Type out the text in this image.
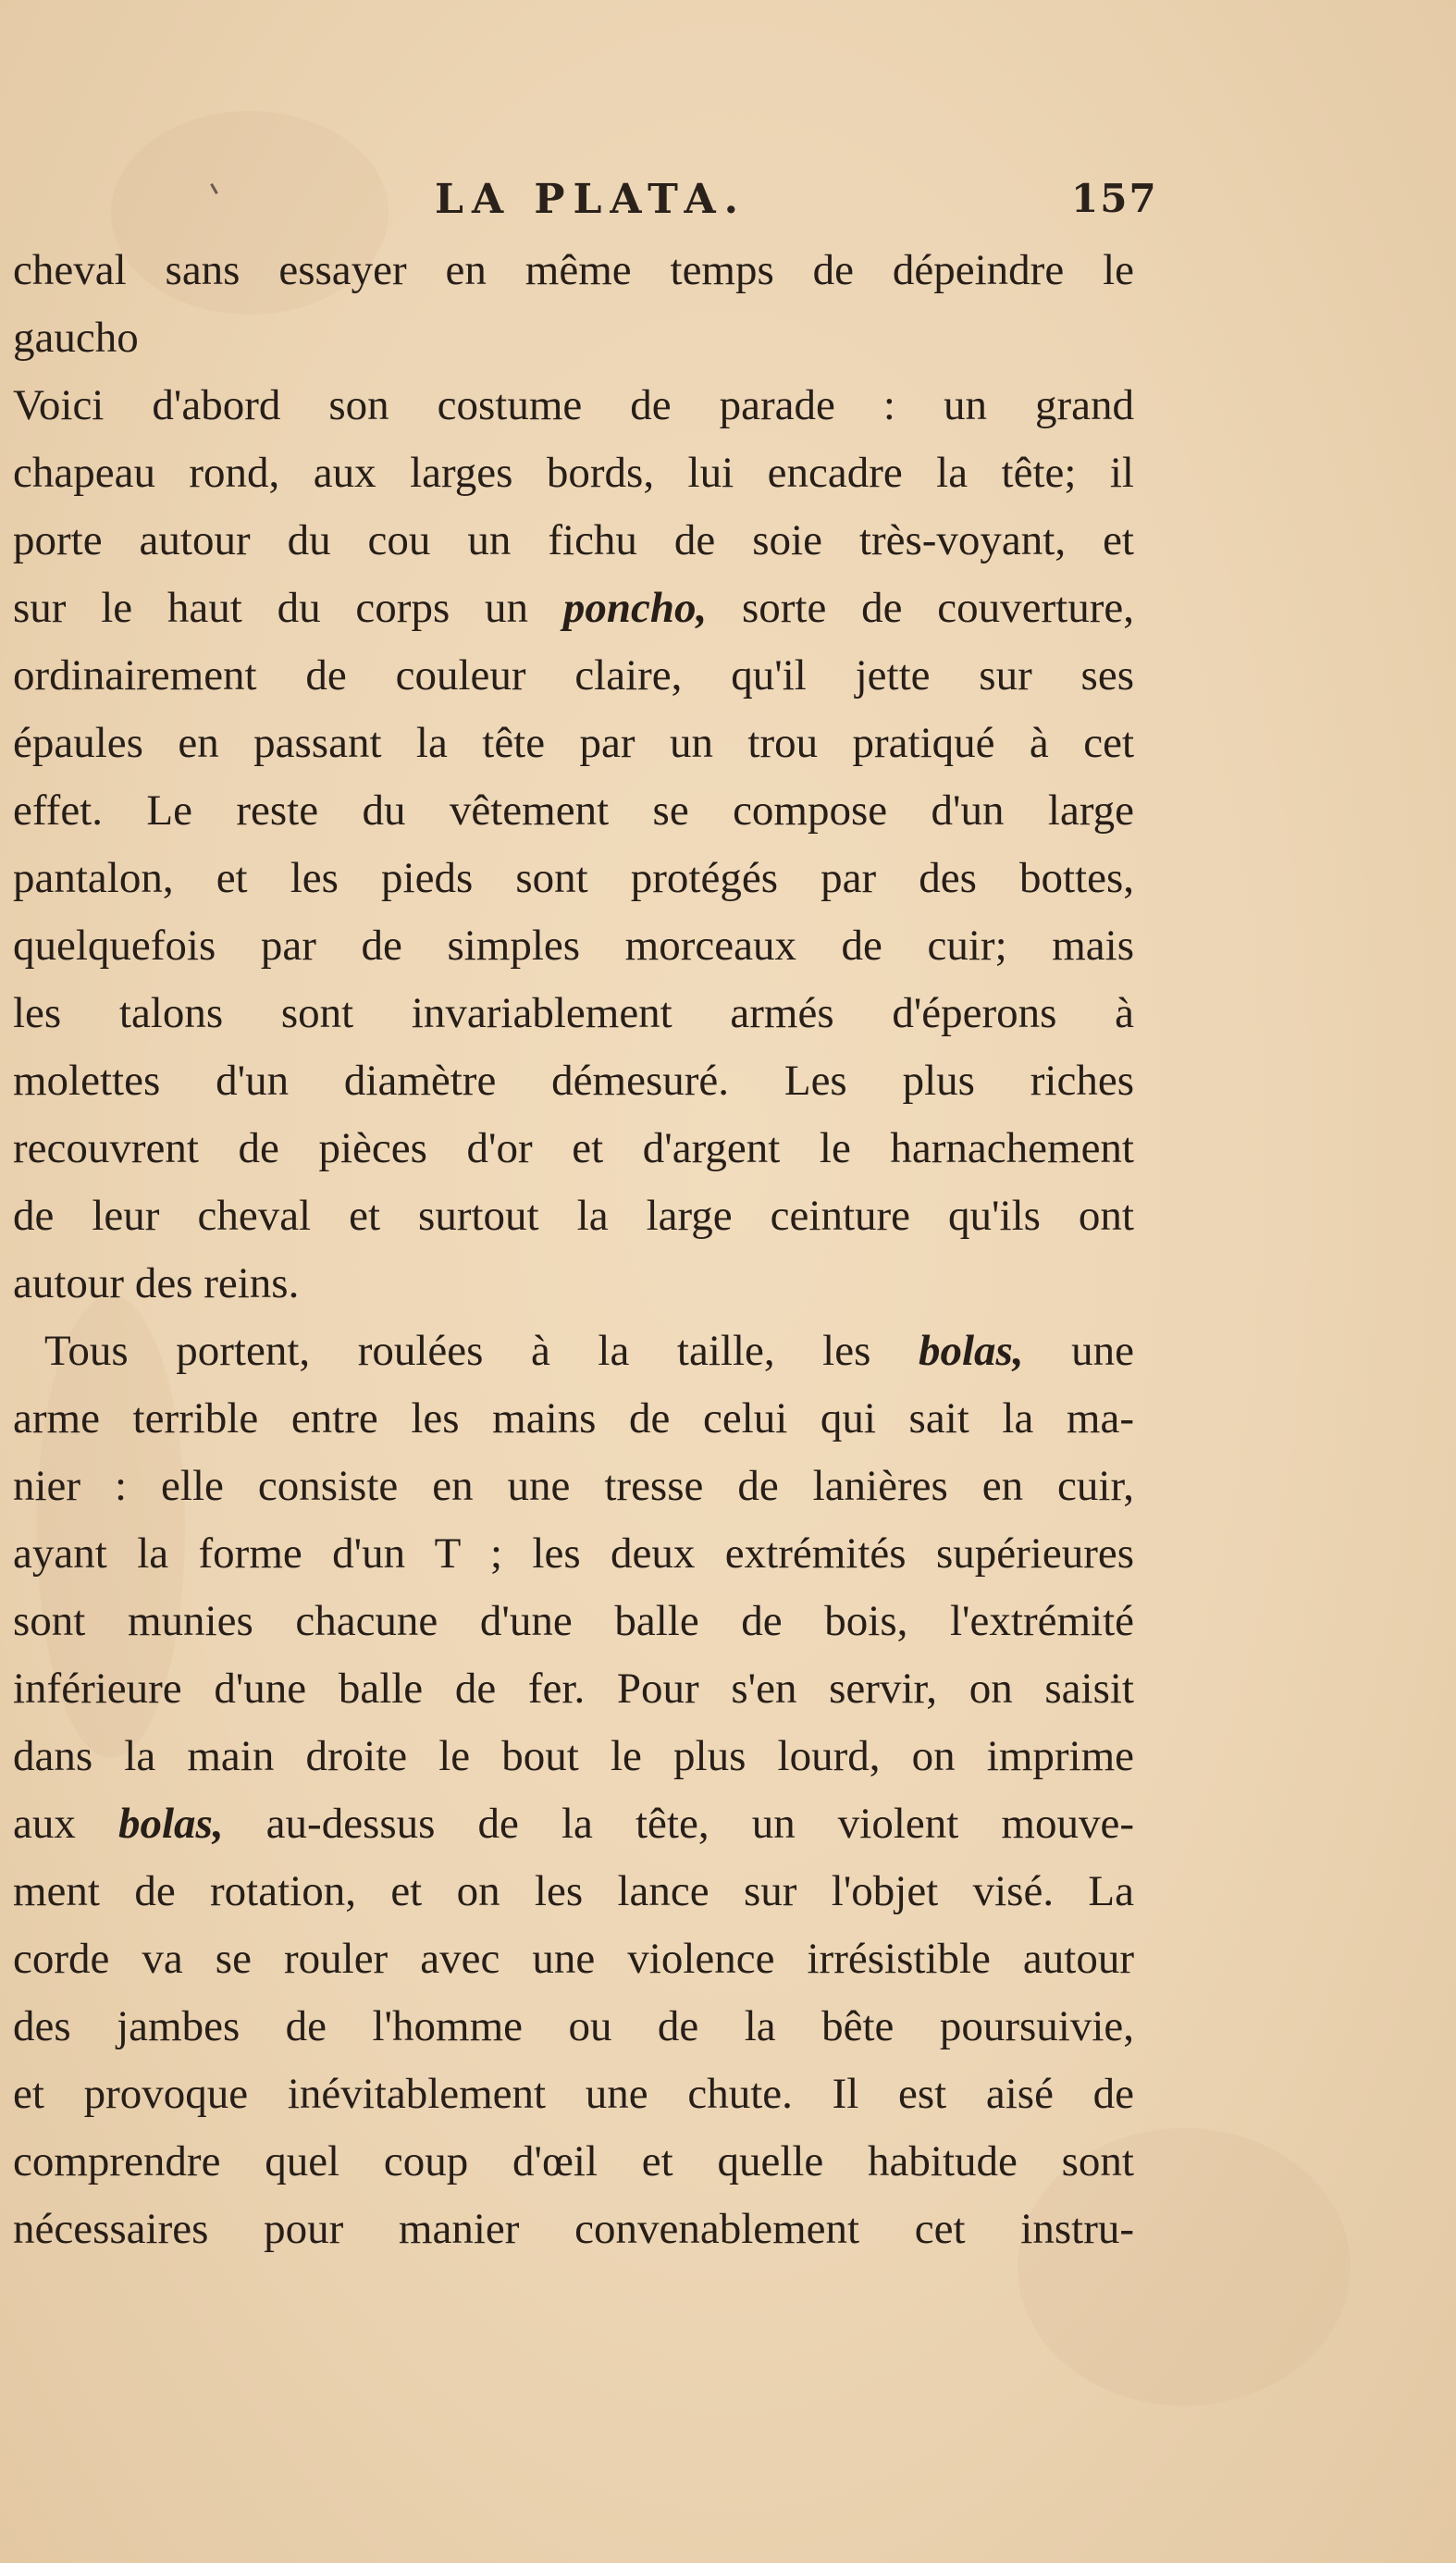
LA PLATA.	157
cheval sans essayer en même temps de dépeindre le
gaucho
Voici d'abord son costume de parade : un grand
chapeau rond, aux larges bords, lui encadre la tête; il
porte autour du cou un fichu de soie très-voyant, et
sur le haut du corps un poncho, sorte de couverture,
ordinairement de couleur claire, qu'il jette sur ses
épaules en passant la tête par un trou pratiqué à cet
effet. Le reste du vêtement se compose d'un large
pantalon, et les pieds sont protégés par des bottes,
quelquefois par de simples morceaux de cuir; mais
les talons sont invariablement armés d'éperons à
molettes d'un diamètre démesuré. Les plus riches
recouvrent de pièces d'or et d'argent le harnachement
de leur cheval et surtout la large ceinture qu'ils ont
autour des reins.
Tous portent, roulées à la taille, les bolas, une
arme terrible entre les mains de celui qui sait la ma-
nier : elle consiste en une tresse de lanières en cuir,
ayant la forme d'un T ; les deux extrémités supérieures
sont munies chacune d'une balle de bois, l'extrémité
inférieure d'une balle de fer. Pour s'en servir, on saisit
dans la main droite le bout le plus lourd, on imprime
aux bolas, au-dessus de la tête, un violent mouve-
ment de rotation, et on les lance sur l'objet visé. La
corde va se rouler avec une violence irrésistible autour
des jambes de l'homme ou de la bête poursuivie,
et provoque inévitablement une chute. Il est aisé de
comprendre quel coup d'œil et quelle habitude sont
nécessaires pour manier convenablement cet instru-
